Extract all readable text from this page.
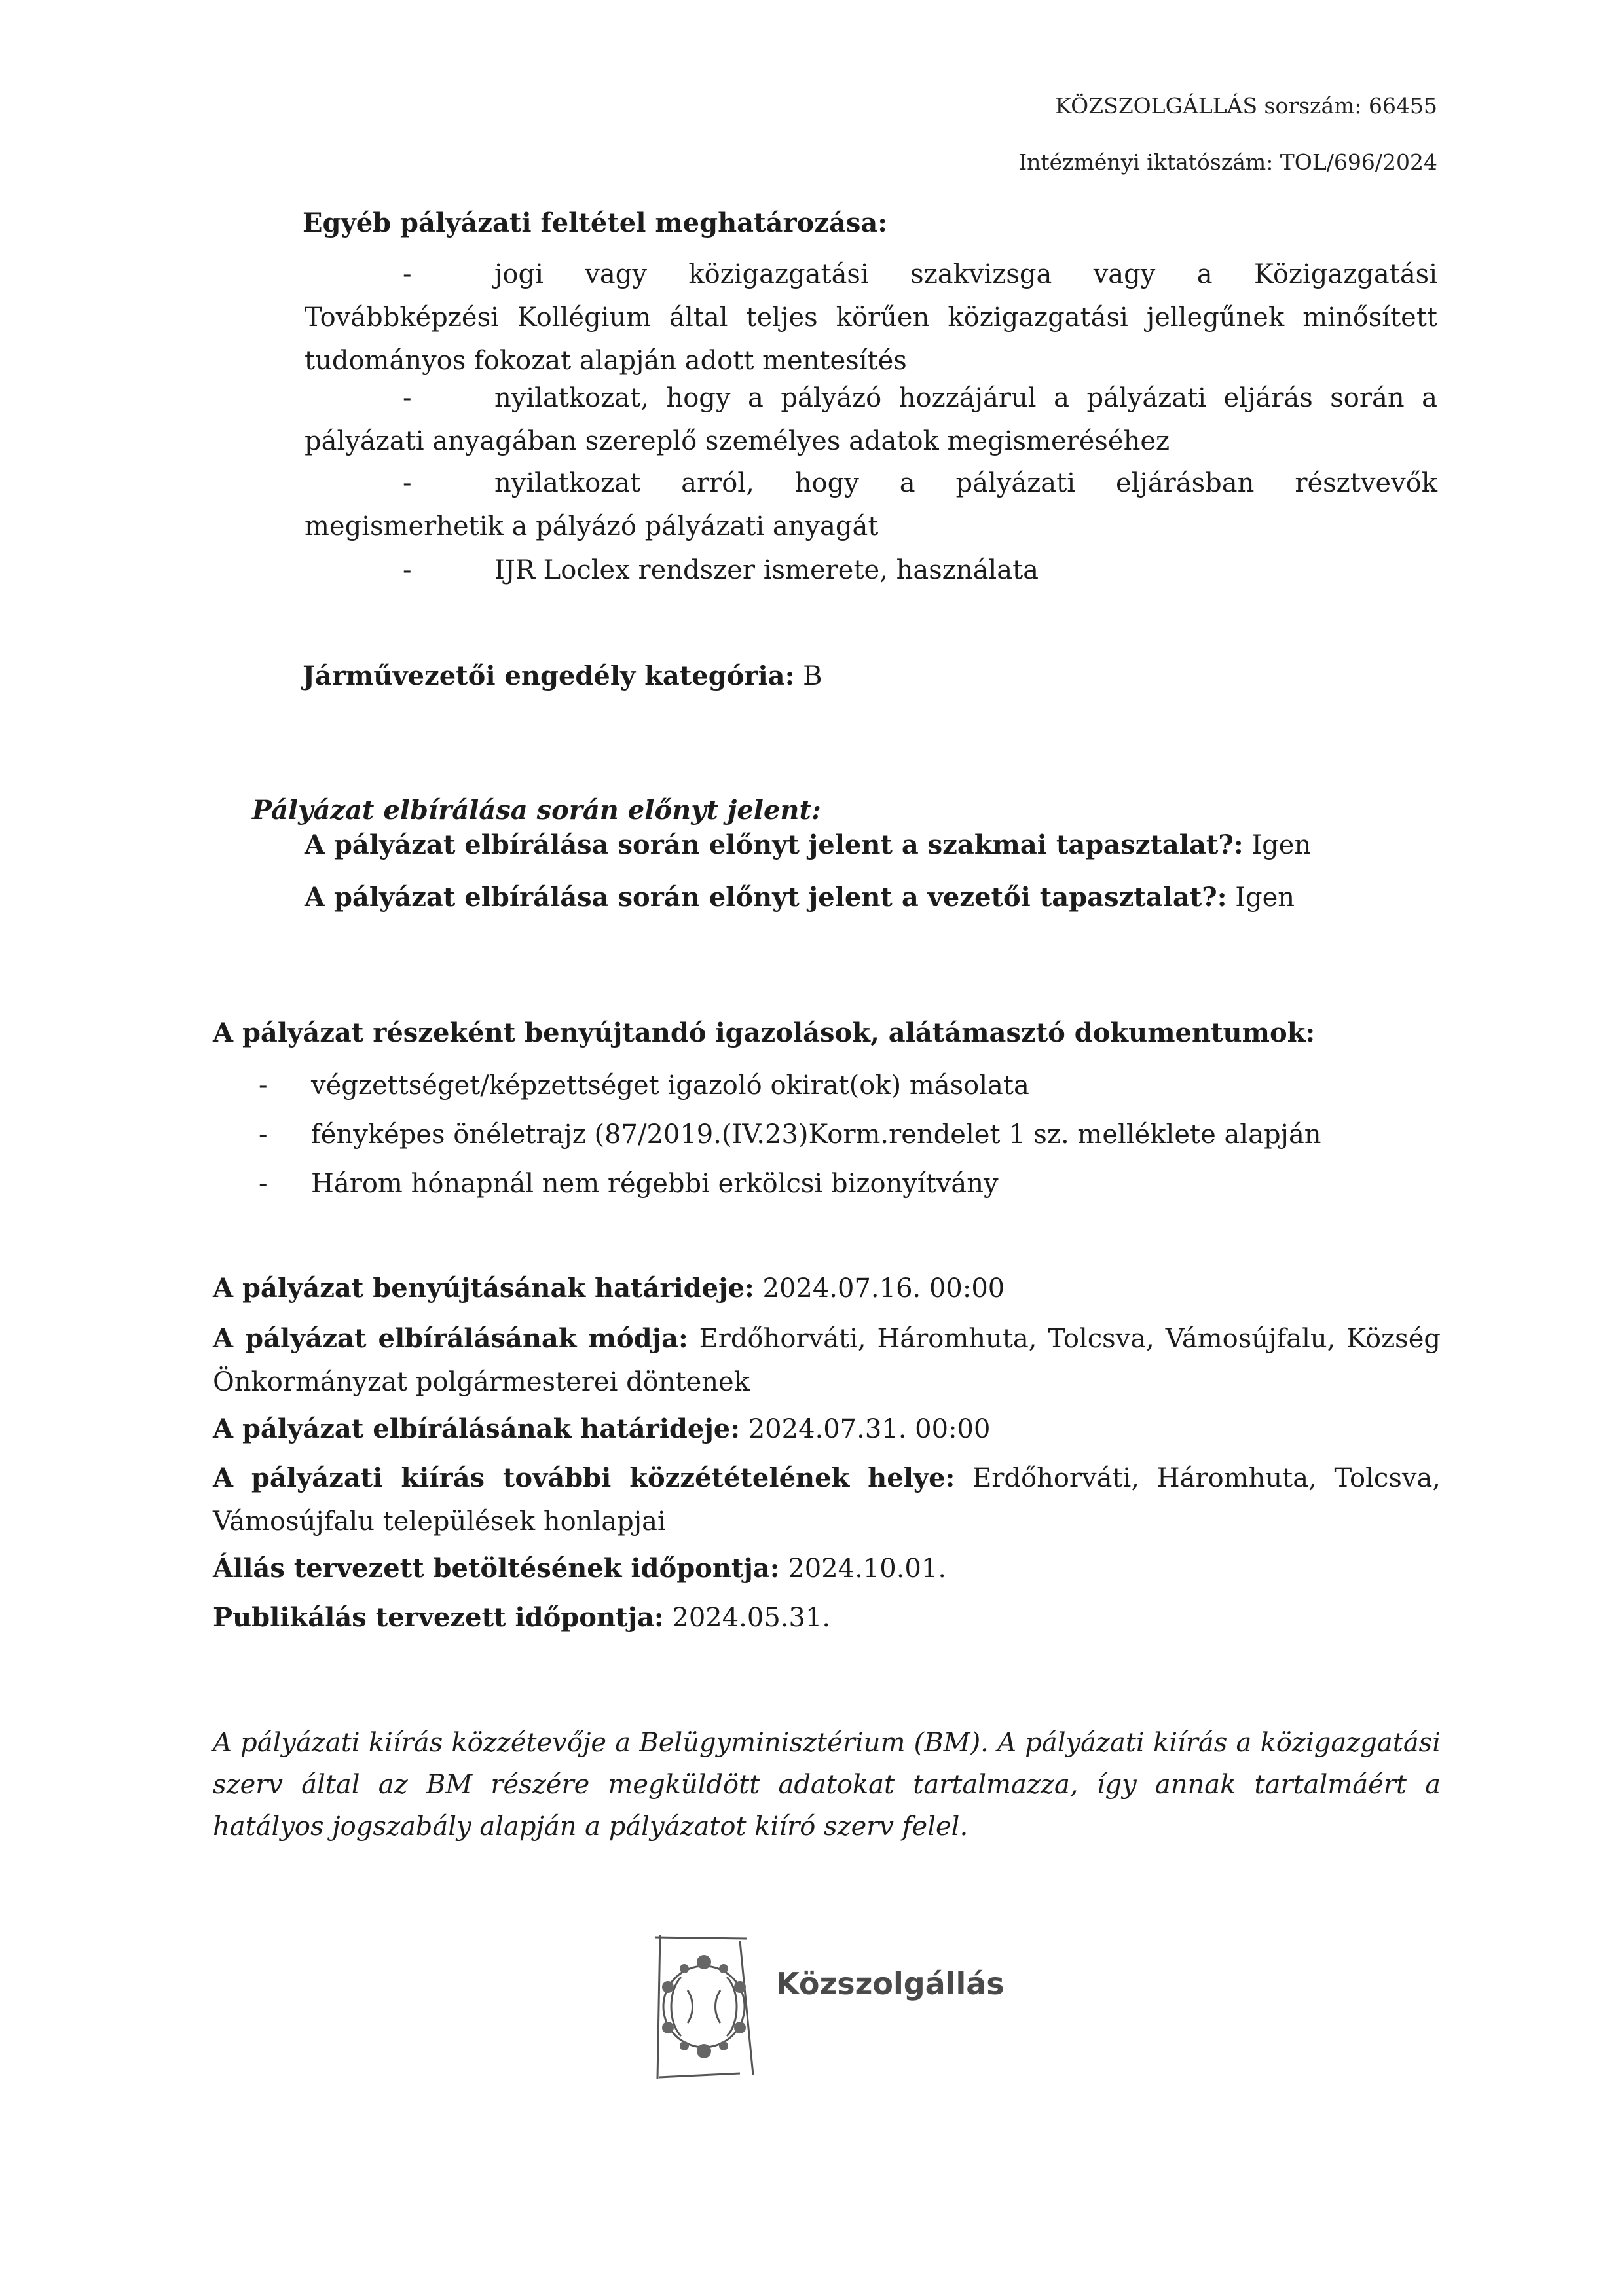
KÖZSZOLGÁLLÁS sorszám: 66455
Intézményi iktatószám: TOL/696/2024
Egyéb pályázati feltétel meghatározása:
-	jogi vagy közigazgatási szakvizsga vagy a Közigazgatási Továbbképzési Kollégium által teljes körűen közigazgatási jellegűnek minősített tudományos fokozat alapján adott mentesítés
-	nyilatkozat, hogy a pályázó hozzájárul a pályázati eljárás során a pályázati anyagában szereplő személyes adatok megismeréséhez
-	nyilatkozat arról, hogy a pályázati eljárásban résztvevők megismerhetik a pályázó pályázati anyagát
-	IJR Loclex rendszer ismerete, használata
Járművezetői engedély kategória: B
Pályázat elbírálása során előnyt jelent:
A pályázat elbírálása során előnyt jelent a szakmai tapasztalat?: Igen
A pályázat elbírálása során előnyt jelent a vezetői tapasztalat?: Igen
A pályázat részeként benyújtandó igazolások, alátámasztó dokumentumok:
- végzettséget/képzettséget igazoló okirat(ok) másolata
- fényképes önéletrajz (87/2019.(IV.23)Korm.rendelet 1 sz. melléklete alapján
- Három hónapnál nem régebbi erkölcsi bizonyítvány
A pályázat benyújtásának határideje: 2024.07.16. 00:00
A pályázat elbírálásának módja: Erdőhorváti, Háromhuta, Tolcsva, Vámosújfalu, Község Önkormányzat polgármesterei döntenek
A pályázat elbírálásának határideje: 2024.07.31. 00:00
A pályázati kiírás további közzétételének helye: Erdőhorváti, Háromhuta, Tolcsva, Vámosújfalu települések honlapjai
Állás tervezett betöltésének időpontja: 2024.10.01.
Publikálás tervezett időpontja: 2024.05.31.
A pályázati kiírás közzétevője a Belügyminisztérium (BM). A pályázati kiírás a közigazgatási szerv által az BM részére megküldött adatokat tartalmazza, így annak tartalmáért a hatályos jogszabály alapján a pályázatot kiíró szerv felel.
Közszolgállás
